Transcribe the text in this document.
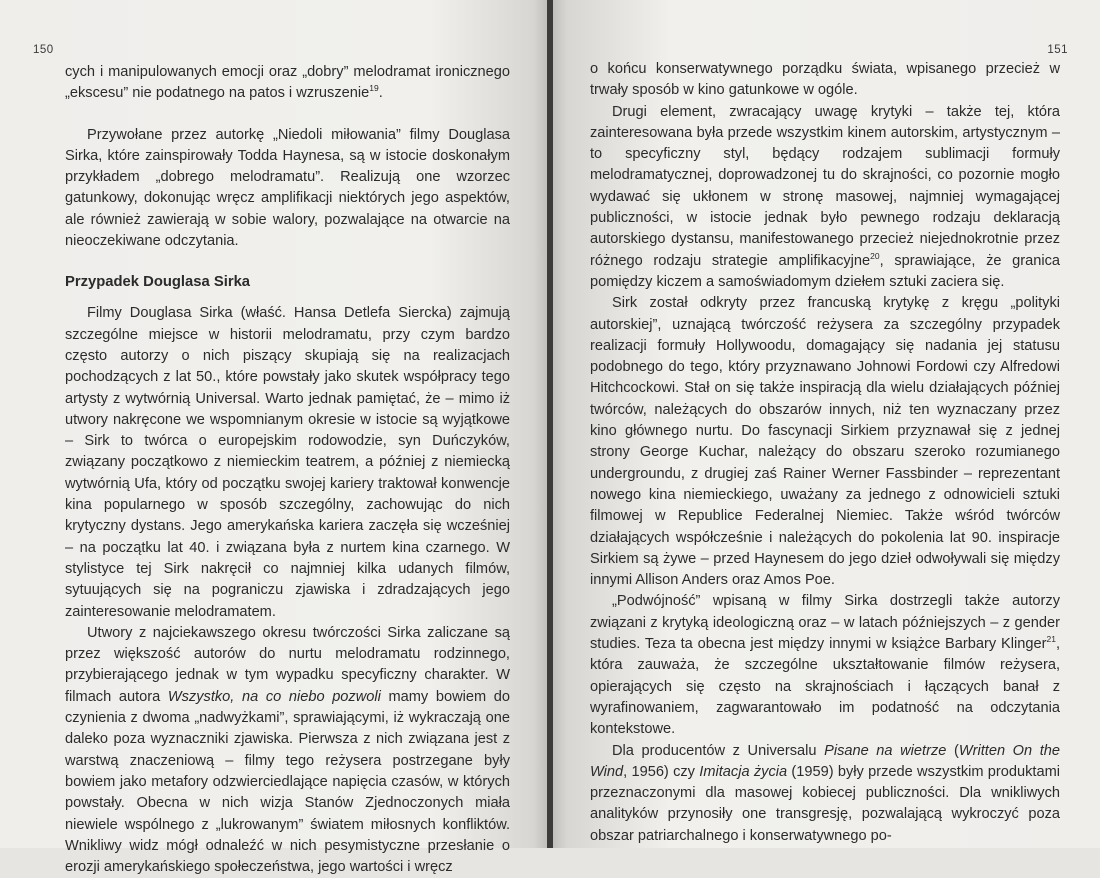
150

cych i manipulowanych emocji oraz „dobry” melodramat ironicznego „ekscesu” nie podatnego na patos i wzruszenie$^{19}$.

Przywołane przez autorkę „Niedoli miłowania” filmy Douglasa Sirka, które zainspirowały Todda Haynesa, są w istocie doskonałym przykładem „dobrego melodramatu”. Realizują one wzorzec gatunkowy, dokonując wręcz amplifikacji niektórych jego aspektów, ale również zawierają w sobie walory, pozwalające na otwarcie na nieoczekiwane odczytania.

Przypadek Douglasa Sirka

Filmy Douglasa Sirka (właść. Hansa Detlefa Siercka) zajmują szczególne miejsce w historii melodramatu, przy czym bardzo często autorzy o nich piszący skupiają się na realizacjach pochodzących z lat 50., które powstały jako skutek współpracy tego artysty z wytwórnią Universal. Warto jednak pamiętać, że – mimo iż utwory nakręcone we wspomnianym okresie w istocie są wyjątkowe – Sirk to twórca o europejskim rodowodzie, syn Duńczyków, związany początkowo z niemieckim teatrem, a później z niemiecką wytwórnią Ufa, który od początku swojej kariery traktował konwencje kina popularnego w sposób szczególny, zachowując do nich krytyczny dystans. Jego amerykańska kariera zaczęła się wcześniej – na początku lat 40. i związana była z nurtem kina czarnego. W stylistyce tej Sirk nakręcił co najmniej kilka udanych filmów, sytuujących się na pograniczu zjawiska i zdradzających jego zainteresowanie melodramatem.

Utwory z najciekawszego okresu twórczości Sirka zaliczane są przez większość autorów do nurtu melodramatu rodzinnego, przybierającego jednak w tym wypadku specyficzny charakter. W filmach autora Wszystko, na co niebo pozwoli mamy bowiem do czynienia z dwoma „nadwyżkami”, sprawiającymi, iż wykraczają one daleko poza wyznaczniki zjawiska. Pierwsza z nich związana jest z warstwą znaczeniową – filmy tego reżysera postrzegane były bowiem jako metafory odzwierciedlające napięcia czasów, w których powstały. Obecna w nich wizja Stanów Zjednoczonych miała niewiele wspólnego z „lukrowanym” światem miłosnych konfliktów. Wnikliwy widz mógł odnaleźć w nich pesymistyczne przesłanie o erozji amerykańskiego społeczeństwa, jego wartości i wręcz

151

o końcu konserwatywnego porządku świata, wpisanego przecież w trwały sposób w kino gatunkowe w ogóle.

Drugi element, zwracający uwagę krytyki – także tej, która zainteresowana była przede wszystkim kinem autorskim, artystycznym – to specyficzny styl, będący rodzajem sublimacji formuły melodramatycznej, doprowadzonej tu do skrajności, co pozornie mogło wydawać się ukłonem w stronę masowej, najmniej wymagającej publiczności, w istocie jednak było pewnego rodzaju deklaracją autorskiego dystansu, manifestowanego przecież niejednokrotnie przez różnego rodzaju strategie amplifikacyjne$^{20}$, sprawiające, że granica pomiędzy kiczem a samoświadomym dziełem sztuki zaciera się.

Sirk został odkryty przez francuską krytykę z kręgu „polityki autorskiej”, uznającą twórczość reżysera za szczególny przypadek realizacji formuły Hollywoodu, domagający się nadania jej statusu podobnego do tego, który przyznawano Johnowi Fordowi czy Alfredowi Hitchcockowi. Stał on się także inspiracją dla wielu działających później twórców, należących do obszarów innych, niż ten wyznaczany przez kino głównego nurtu. Do fascynacji Sirkiem przyznawał się z jednej strony George Kuchar, należący do obszaru szeroko rozumianego undergroundu, z drugiej zaś Rainer Werner Fassbinder – reprezentant nowego kina niemieckiego, uważany za jednego z odnowicieli sztuki filmowej w Republice Federalnej Niemiec. Także wśród twórców działających współcześnie i należących do pokolenia lat 90. inspiracje Sirkiem są żywe – przed Haynesem do jego dzieł odwoływali się między innymi Allison Anders oraz Amos Poe.

„Podwójność” wpisaną w filmy Sirka dostrzegli także autorzy związani z krytyką ideologiczną oraz – w latach późniejszych – z gender studies. Teza ta obecna jest między innymi w książce Barbary Klinger$^{21}$, która zauważa, że szczególne ukształtowanie filmów reżysera, opierających się często na skrajnościach i łączących banał z wyrafinowaniem, zagwarantowało im podatność na odczytania kontekstowe.

Dla producentów z Universalu Pisane na wietrze (Written On the Wind, 1956) czy Imitacja życia (1959) były przede wszystkim produktami przeznaczonymi dla masowej kobiecej publiczności. Dla wnikliwych analityków przynosiły one transgresję, pozwalającą wykroczyć poza obszar patriarchalnego i konserwatywnego po-
